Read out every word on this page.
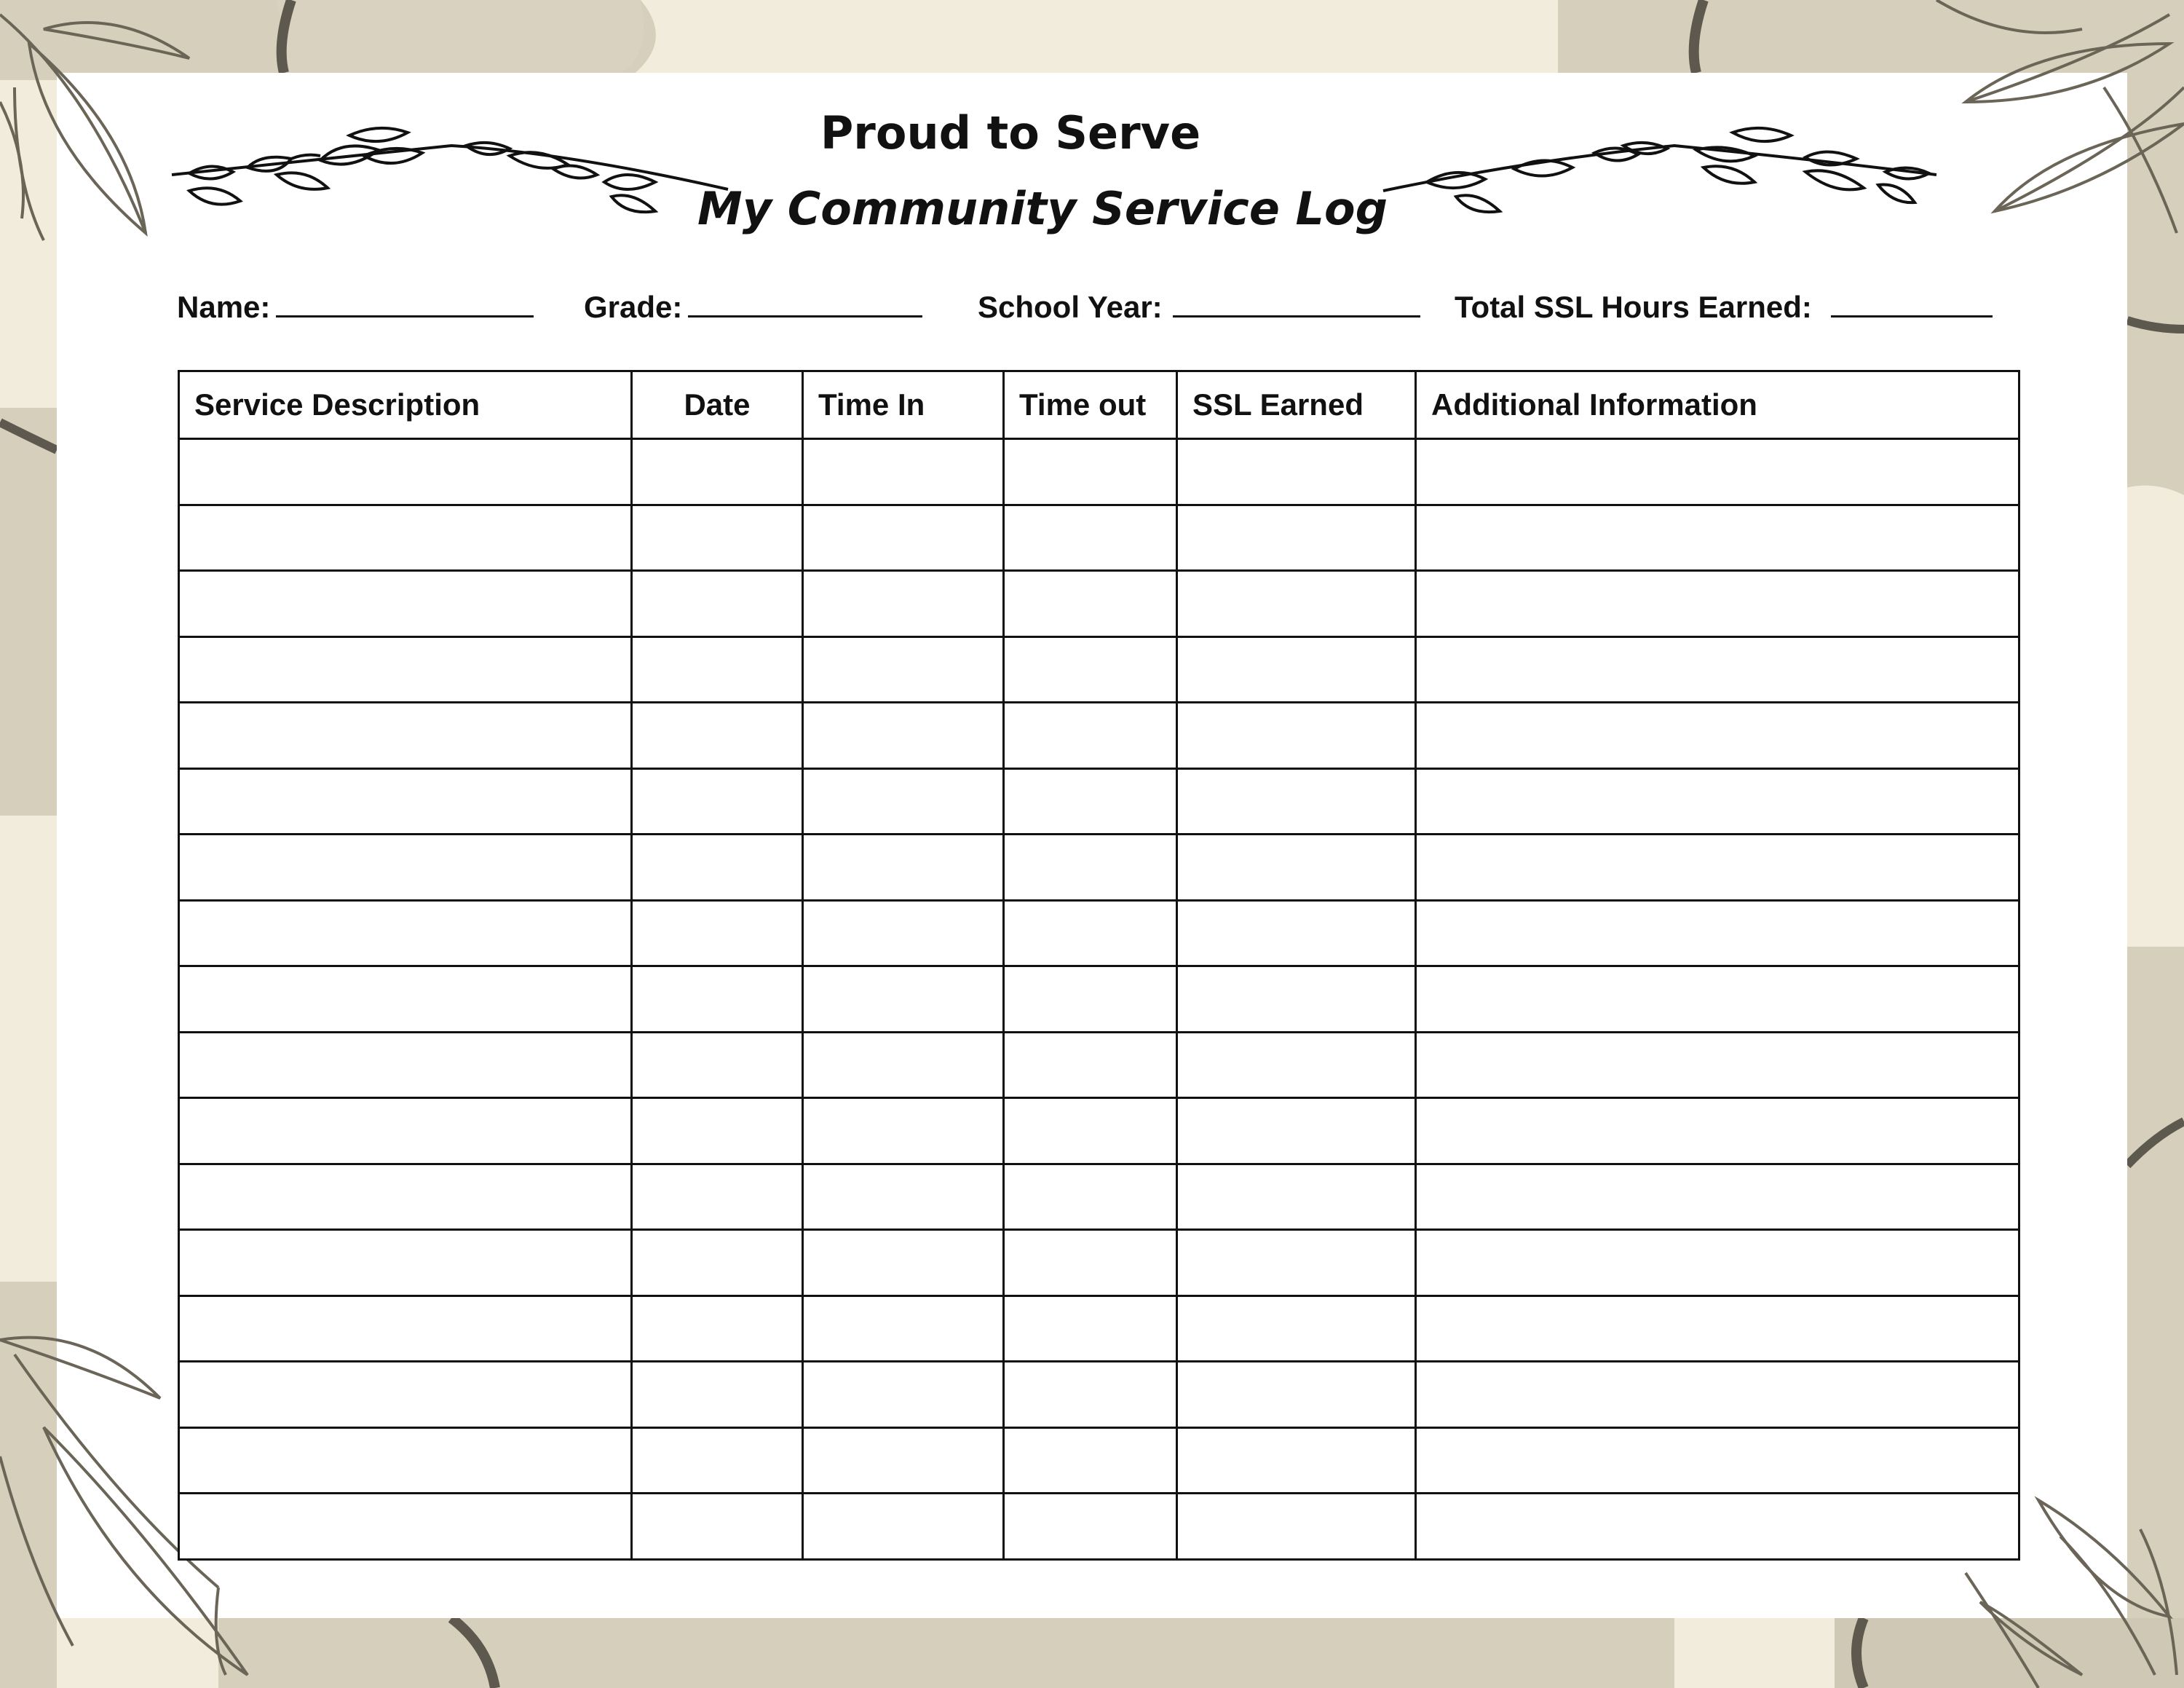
Proud to Serve
My Community Service Log
Name:	Grade:	School Year:	Total SSL Hours Earned:
Service Description	Date	Time In	Time out	SSL Earned	Additional Information
